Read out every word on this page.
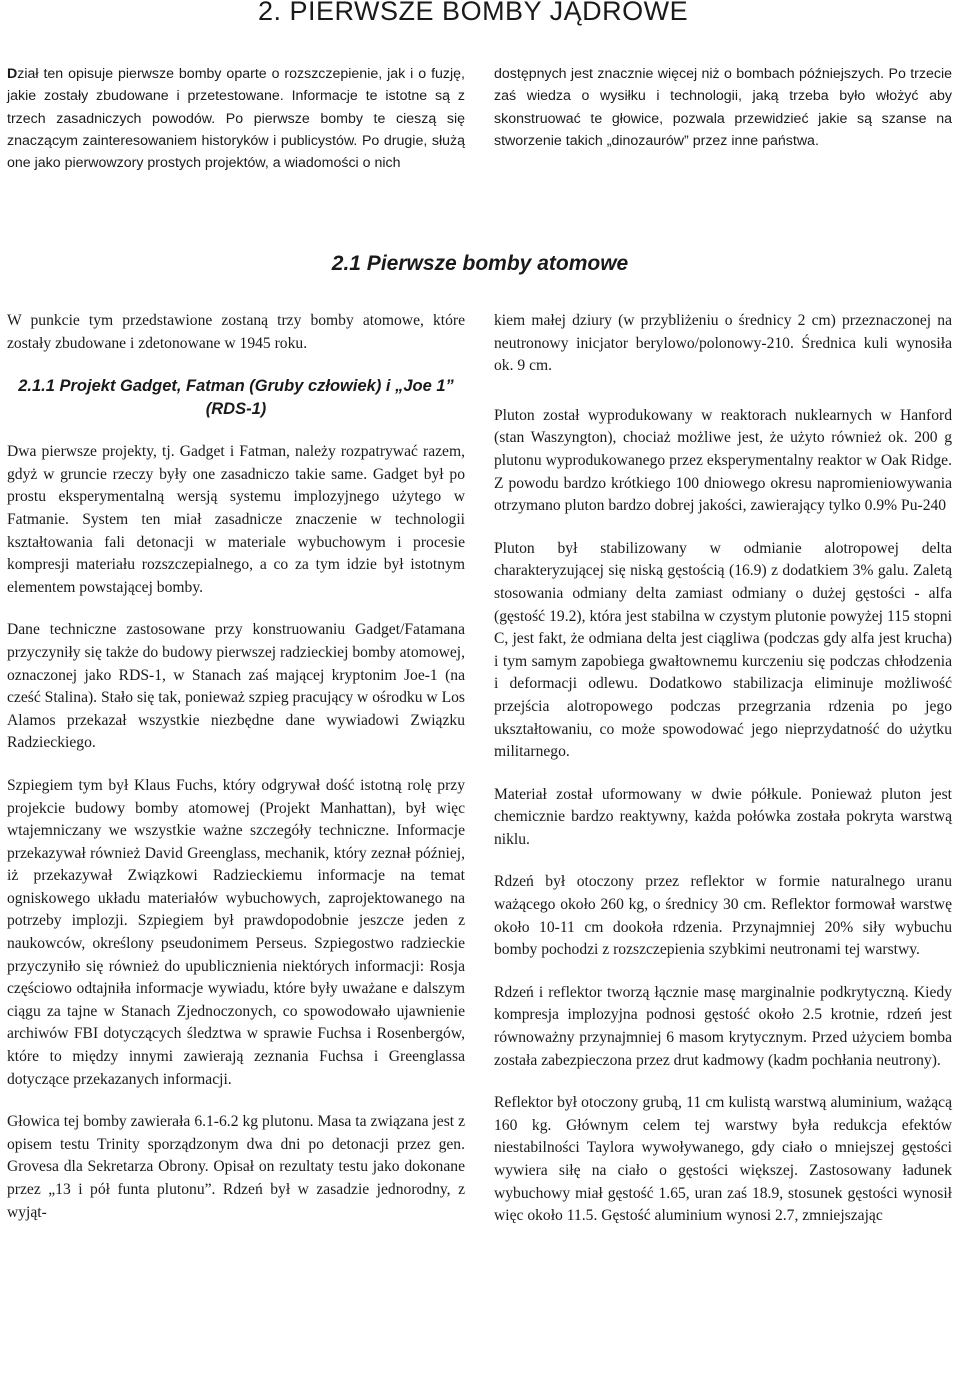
2. PIERWSZE BOMBY JĄDROWE

Dział ten opisuje pierwsze bomby oparte o rozszczepienie, jak i o fuzję, jakie zostały zbudowane i przetestowane. Informacje te istotne są z trzech zasadniczych powodów. Po pierwsze bomby te cieszą się znaczącym zainteresowaniem historyków i publicystów. Po drugie, służą one jako pierwowzory prostych projektów, a wiadomości o nich

dostępnych jest znacznie więcej niż o bombach późniejszych. Po trzecie zaś wiedza o wysiłku i technologii, jaką trzeba było włożyć aby skonstruować te głowice, pozwala przewidzieć jakie są szanse na stworzenie takich „dinozaurów” przez inne państwa.

2.1 Pierwsze bomby atomowe

W punkcie tym przedstawione zostaną trzy bomby atomowe, które zostały zbudowane i zdetonowane w 1945 roku.

2.1.1 Projekt Gadget, Fatman (Gruby człowiek) i „Joe 1” (RDS-1)

Dwa pierwsze projekty, tj. Gadget i Fatman, należy rozpatrywać razem, gdyż w gruncie rzeczy były one zasadniczo takie same. Gadget był po prostu eksperymentalną wersją systemu implozyjnego użytego w Fatmanie. System ten miał zasadnicze znaczenie w technologii kształtowania fali detonacji w materiale wybuchowym i procesie kompresji materiału rozszczepialnego, a co za tym idzie był istotnym elementem powstającej bomby.

Dane techniczne zastosowane przy konstruowaniu Gadget/Fatamana przyczyniły się także do budowy pierwszej radzieckiej bomby atomowej, oznaczonej jako RDS-1, w Stanach zaś mającej kryptonim Joe-1 (na cześć Stalina). Stało się tak, ponieważ szpieg pracujący w ośrodku w Los Alamos przekazał wszystkie niezbędne dane wywiadowi Związku Radzieckiego.

Szpiegiem tym był Klaus Fuchs, który odgrywał dość istotną rolę przy projekcie budowy bomby atomowej (Projekt Manhattan), był więc wtajemniczany we wszystkie ważne szczegóły techniczne. Informacje przekazywał również David Greenglass, mechanik, który zeznał później, iż przekazywał Związkowi Radzieckiemu informacje na temat ogniskowego układu materiałów wybuchowych, zaprojektowanego na potrzeby implozji. Szpiegiem był prawdopodobnie jeszcze jeden z naukowców, określony pseudonimem Perseus. Szpiegostwo radzieckie przyczyniło się również do upublicznienia niektórych informacji: Rosja częściowo odtajniła informacje wywiadu, które były uważane e dalszym ciągu za tajne w Stanach Zjednoczonych, co spowodowało ujawnienie archiwów FBI dotyczących śledztwa w sprawie Fuchsa i Rosenbergów, które to między innymi zawierają zeznania Fuchsa i Greenglassa dotyczące przekazanych informacji.

Głowica tej bomby zawierała 6.1-6.2 kg plutonu. Masa ta związana jest z opisem testu Trinity sporządzonym dwa dni po detonacji przez gen. Grovesa dla Sekretarza Obrony. Opisał on rezultaty testu jako dokonane przez „13 i pół funta plutonu”. Rdzeń był w zasadzie jednorodny, z wyjąt-

kiem małej dziury (w przybliżeniu o średnicy 2 cm) przeznaczonej na neutronowy inicjator berylowo/polonowy-210. Średnica kuli wynosiła ok. 9 cm.

Pluton został wyprodukowany w reaktorach nuklearnych w Hanford (stan Waszyngton), chociaż możliwe jest, że użyto również ok. 200 g plutonu wyprodukowanego przez eksperymentalny reaktor w Oak Ridge. Z powodu bardzo krótkiego 100 dniowego okresu napromieniowywania otrzymano pluton bardzo dobrej jakości, zawierający tylko 0.9% Pu-240

Pluton był stabilizowany w odmianie alotropowej delta charakteryzującej się niską gęstością (16.9) z dodatkiem 3% galu. Zaletą stosowania odmiany delta zamiast odmiany o dużej gęstości - alfa (gęstość 19.2), która jest stabilna w czystym plutonie powyżej 115 stopni C, jest fakt, że odmiana delta jest ciągliwa (podczas gdy alfa jest krucha) i tym samym zapobiega gwałtownemu kurczeniu się podczas chłodzenia i deformacji odlewu. Dodatkowo stabilizacja eliminuje możliwość przejścia alotropowego podczas przegrzania rdzenia po jego ukształtowaniu, co może spowodować jego nieprzydatność do użytku militarnego.

Materiał został uformowany w dwie półkule. Ponieważ pluton jest chemicznie bardzo reaktywny, każda połówka została pokryta warstwą niklu.

Rdzeń był otoczony przez reflektor w formie naturalnego uranu ważącego około 260 kg, o średnicy 30 cm. Reflektor formował warstwę około 10-11 cm dookoła rdzenia. Przynajmniej 20% siły wybuchu bomby pochodzi z rozszczepienia szybkimi neutronami tej warstwy.

Rdzeń i reflektor tworzą łącznie masę marginalnie podkrytyczną. Kiedy kompresja implozyjna podnosi gęstość około 2.5 krotnie, rdzeń jest równoważny przynajmniej 6 masom krytycznym. Przed użyciem bomba została zabezpieczona przez drut kadmowy (kadm pochłania neutrony).

Reflektor był otoczony grubą, 11 cm kulistą warstwą aluminium, ważącą 160 kg. Głównym celem tej warstwy była redukcja efektów niestabilności Taylora wywoływanego, gdy ciało o mniejszej gęstości wywiera siłę na ciało o gęstości większej. Zastosowany ładunek wybuchowy miał gęstość 1.65, uran zaś 18.9, stosunek gęstości wynosił więc około 11.5. Gęstość aluminium wynosi 2.7, zmniejszając
